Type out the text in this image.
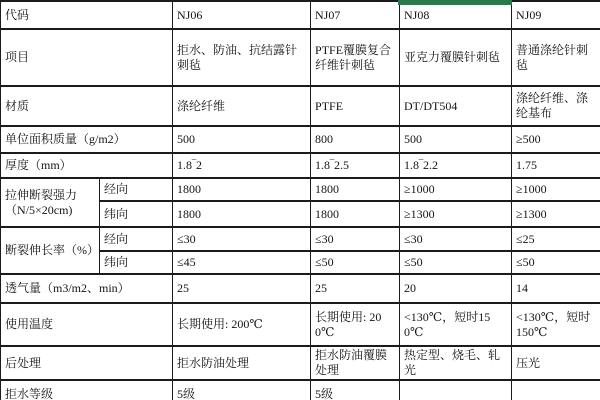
代码		NJ06	NJ07	NJ08	NJ09
项目		拒水、防油、抗结露针刺毡	PTFE覆膜复合纤维针刺毡	亚克力覆膜针刺毡	普通涤纶针刺毡
材质		涤纶纤维	PTFE	DT/DT504	涤纶纤维、涤纶基布
单位面积质量（g/m2）		500	800	500	≥500
厚度（mm）		1.8‾2	1.8‾2.5	1.8‾2.2	1.75
拉伸断裂强力（N/5×20cm)	经向	1800	1800	≥1000	≥1000
	纬向	1800	1800	≥1300	≥1300
断裂伸长率（%）	经向	≤30	≤30	≤30	≤25
	纬向	≤45	≤50	≤50	≤50
透气量（m3/m2、min）		25	25	20	14
使用温度		长期使用: 200℃	长期使用: 200℃	<130℃，短时150℃	<130℃，短时150℃
后处理		拒水防油处理	拒水防油覆膜处理	热定型、烧毛、轧光	压光
拒水等级		5级	5级		
